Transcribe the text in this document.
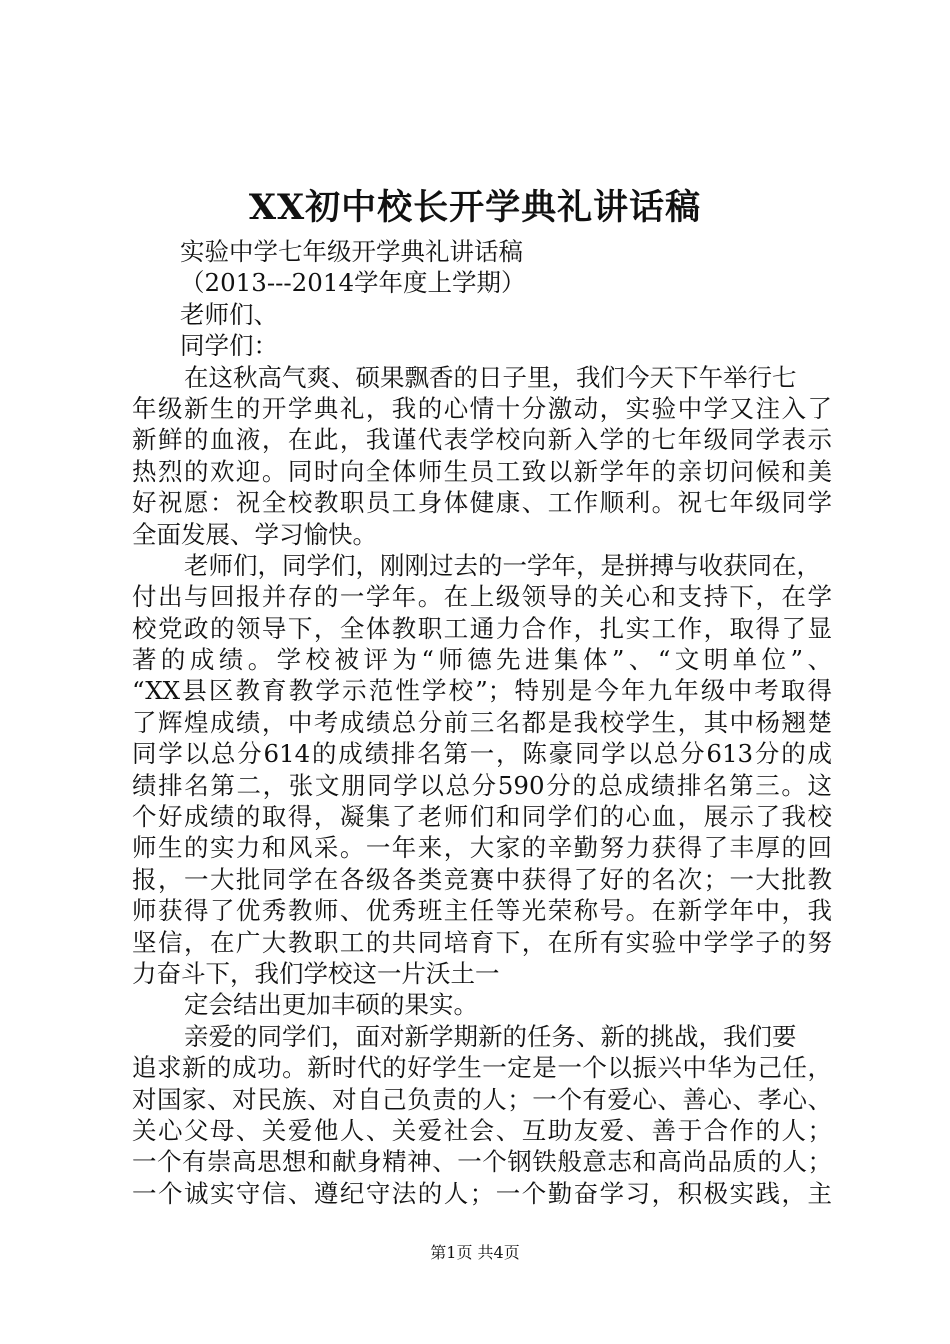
XX初中校长开学典礼讲话稿
实验中学七年级开学典礼讲话稿
（2013---2014学年度上学期）
老师们、
同学们：
在这秋高气爽、硕果飘香的日子里，我们今天下午举行七
年级新生的开学典礼，我的心情十分激动，实验中学又注入了
新鲜的血液，在此，我谨代表学校向新入学的七年级同学表示
热烈的欢迎。同时向全体师生员工致以新学年的亲切问候和美
好祝愿：祝全校教职员工身体健康、工作顺利。祝七年级同学
全面发展、学习愉快。
老师们，同学们，刚刚过去的一学年，是拼搏与收获同在，
付出与回报并存的一学年。在上级领导的关心和支持下，在学
校党政的领导下，全体教职工通力合作，扎实工作，取得了显
著的成绩。学校被评为“师德先进集体”、“文明单位”、
“XX县区教育教学示范性学校”；特别是今年九年级中考取得
了辉煌成绩，中考成绩总分前三名都是我校学生，其中杨翘楚
同学以总分614的成绩排名第一，陈豪同学以总分613分的成
绩排名第二，张文朋同学以总分590分的总成绩排名第三。这
个好成绩的取得，凝集了老师们和同学们的心血，展示了我校
师生的实力和风采。一年来，大家的辛勤努力获得了丰厚的回
报，一大批同学在各级各类竞赛中获得了好的名次；一大批教
师获得了优秀教师、优秀班主任等光荣称号。在新学年中，我
坚信，在广大教职工的共同培育下，在所有实验中学学子的努
力奋斗下，我们学校这一片沃土一
定会结出更加丰硕的果实。
亲爱的同学们，面对新学期新的任务、新的挑战，我们要
追求新的成功。新时代的好学生一定是一个以振兴中华为己任，
对国家、对民族、对自己负责的人；一个有爱心、善心、孝心、
关心父母、关爱他人、关爱社会、互助友爱、善于合作的人；
一个有崇高思想和献身精神、一个钢铁般意志和高尚品质的人；
一个诚实守信、遵纪守法的人；一个勤奋学习，积极实践，主
第1页 共4页
